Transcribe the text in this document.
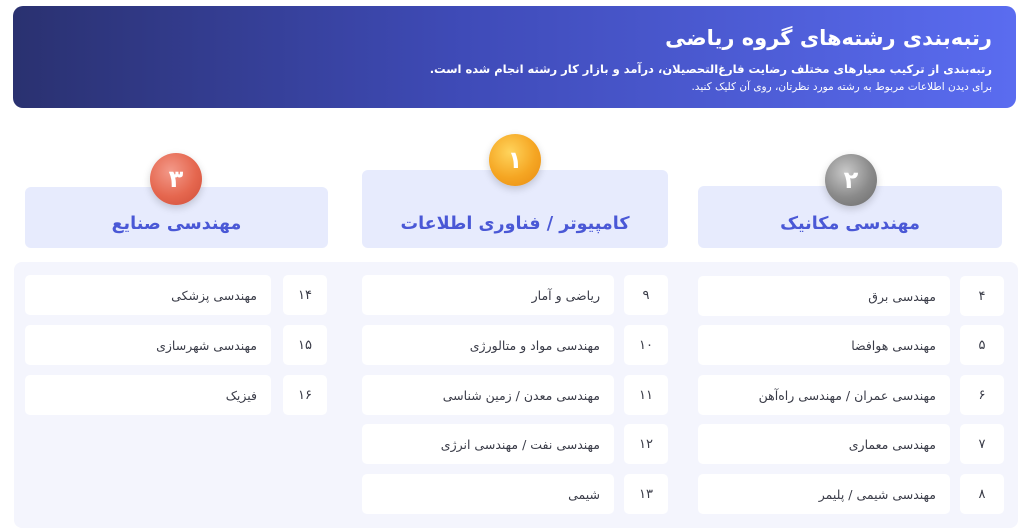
رتبه‌بندی رشته‌های گروه ریاضی

رتبه‌بندی از ترکیب معیارهای مختلف رضایت فارغ‌التحصیلان، درآمد و بازار کار رشته انجام شده است.

برای دیدن اطلاعات مربوط به رشته مورد نظرتان، روی آن کلیک کنید.

مهندسی مکانیک
۲
کامپیوتر / فناوری اطلاعات
۱
مهندسی صنایع
۳
مهندسی برق	۴
مهندسی هوافضا	۵
مهندسی عمران / مهندسی راه‌آهن	۶
مهندسی معماری	۷
مهندسی شیمی / پلیمر	۸
ریاضی و آمار	۹
مهندسی مواد و متالورژی	۱۰
مهندسی معدن / زمین شناسی	۱۱
مهندسی نفت / مهندسی انرژی	۱۲
شیمی	۱۳
مهندسی پزشکی	۱۴
مهندسی شهرسازی	۱۵
فیزیک	۱۶
